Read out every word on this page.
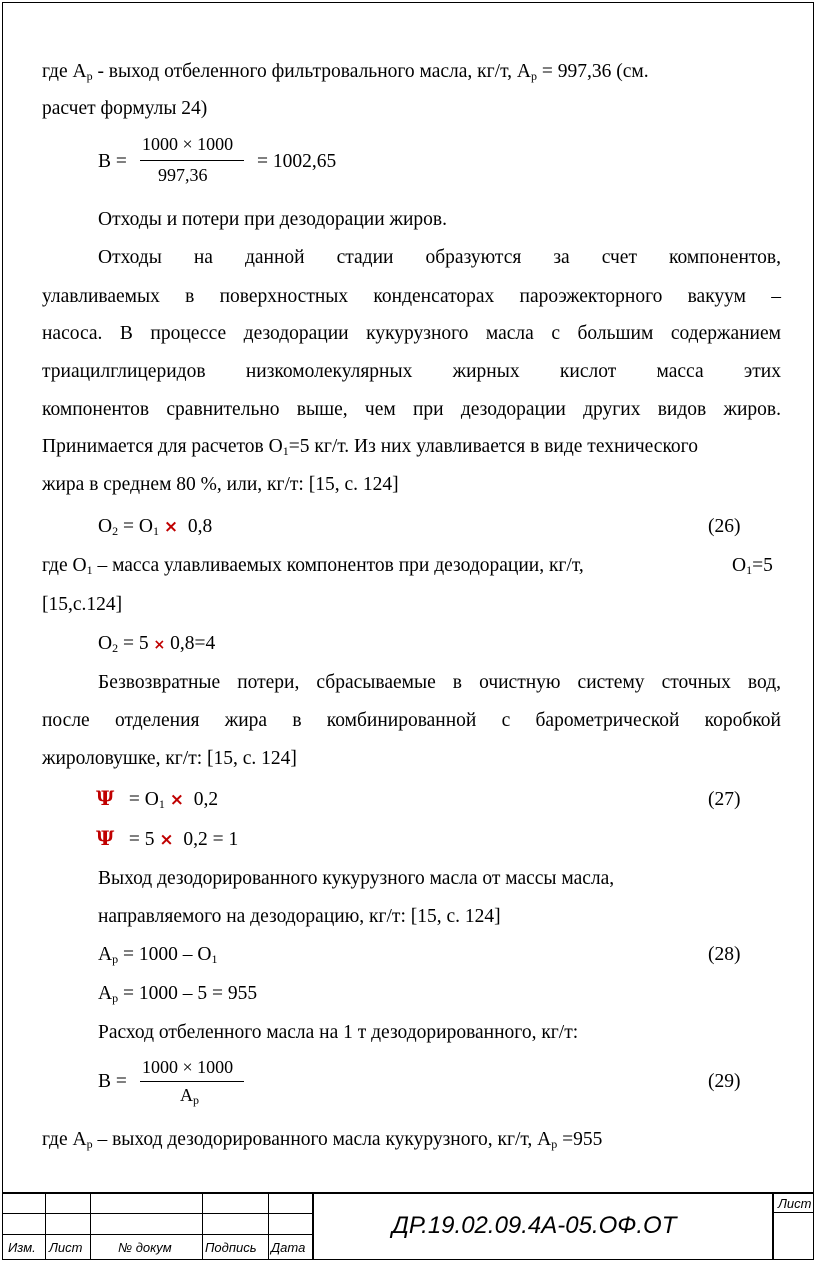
где $А_р$ - выход отбеленного фильтровального масла, кг/т, $А_р = 997,36$ (см.
расчет формулы 24)
В =
1000 × 1000
997,36
= 1002,65
Отходы и потери при дезодорации жиров.
Отходы на данной стадии образуются за счет компонентов,
улавливаемых в поверхностных конденсаторах пароэжекторного вакуум –
насоса. В процессе дезодорации кукурузного масла с большим содержанием
триацилглицеридов низкомолекулярных жирных кислот масса этих
компонентов сравнительно выше, чем при дезодорации других видов жиров.
Принимается для расчетов $О_1=5$ кг/т. Из них улавливается в виде технического
жира в среднем 80 %, или, кг/т: [15, с. 124]
$О_2 = О_1 \times 0,8$	(26)
где $О_1$ – масса улавливаемых компонентов при дезодорации, кг/т,	$О_1=5$
[15,с.124]
$О_2 = 5 \times 0,8=4$
Безвозвратные потери, сбрасываемые в очистную систему сточных вод,
после отделения жира в комбинированной с барометрической коробкой
жироловушке, кг/т: [15, с. 124]
$\Psi = О_1 \times 0,2$	(27)
Ψ = 5 × 0,2 = 1
Выход дезодорированного кукурузного масла от массы масла,
направляемого на дезодорацию, кг/т: [15, с. 124]
$А_р = 1000 - О_1$	(28)
$А_р = 1000 - 5 = 955$
Расход отбеленного масла на 1 т дезодорированного, кг/т:
В =
1000 × 1000
$А_р$
(29)
где $А_р$ – выход дезодорированного масла кукурузного, кг/т, $А_р =955$
Изм. Лист	№ докум	Подпись Дата
ДР.19.02.09.4А-05.ОФ.ОТ
Лист
